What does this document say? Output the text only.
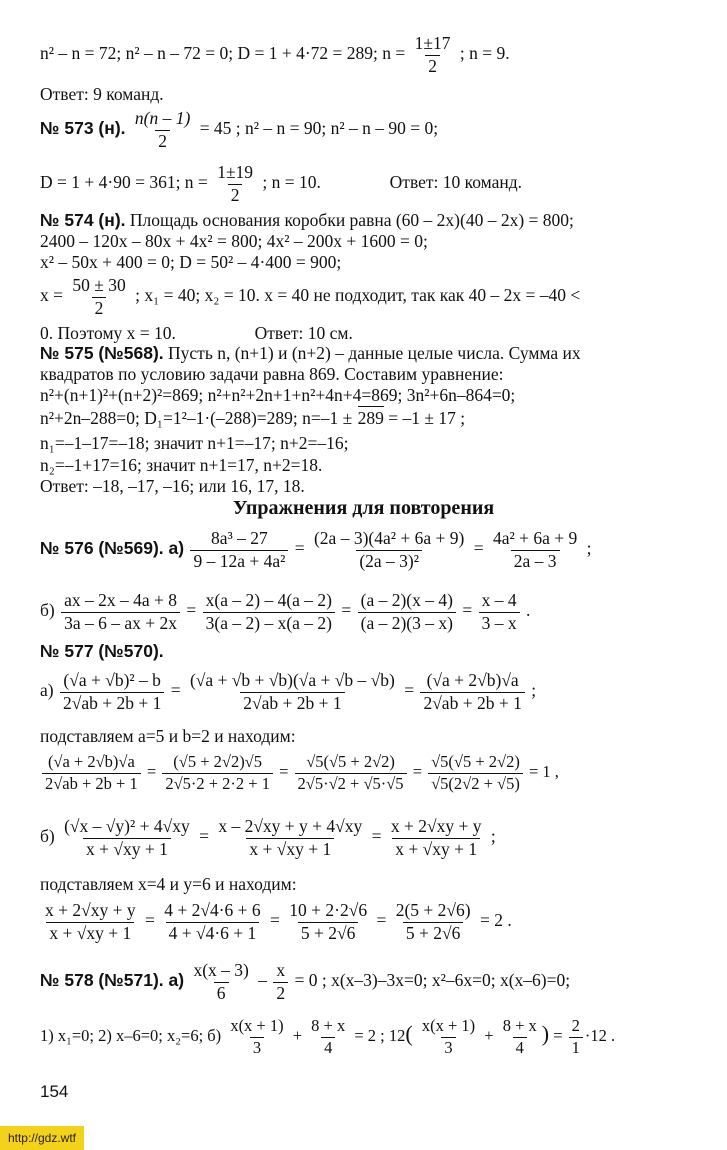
n² – n = 72; n² – n – 72 = 0; D = 1 + 4·72 = 289; $n = \frac{1\pm 17}{2}$ ; n = 9.
Ответ: 9 команд.
№ 573 (н). $\frac{n(n - 1)}{2} = 45$ ; n² – n = 90; n² – n – 90 = 0;
D = 1 + 4·90 = 361; $n = \frac{1\pm 19}{2}$ ; n = 10.	Ответ: 10 команд.
№ 574 (н). Площадь основания коробки равна (60 – 2x)(40 – 2x) = 800;
2400 – 120x – 80x + 4x² = 800; 4x² – 200x + 1600 = 0;
x² – 50x + 400 = 0; D = 50² – 4·400 = 900;
$x = \frac{50 \pm 30}{2}$ ; x₁ = 40; x₂ = 10. x = 40 не подходит, так как 40 – 2x = –40 <
0. Поэтому x = 10.	Ответ: 10 см.
№ 575 (№568). Пусть n, (n+1) и (n+2) – данные целые числа. Сумма их
квадратов по условию задачи равна 869. Составим уравнение:
n²+(n+1)²+(n+2)²=869; n²+n²+2n+1+n²+4n+4=869; 3n²+6n–864=0;
n²+2n–288=0; D₁=1²–1·(–288)=289; n=–1 ± 289 = –1 ± 17 ;
n₁=–1–17=–18; значит n+1=–17; n+2=–16;
n₂=–1+17=16; значит n+1=17, n+2=18.
Ответ: –18, –17, –16; или 16, 17, 18.
Упражнения для повторения
№ 576 (№569). $а) \frac{\text{8a³ – 27}}{\text{9 – 12a + 4a²}} = \frac{\text{(2a – 3)(4a² + 6a + 9)}}{\text{(2a – 3)²}} = \frac{\text{4a² + 6a + 9}}{2a - 3}$ ;
$б) \frac{ax - 2x - 4a + 8}{3a - 6 - ax + 2x} = \frac{x(a - 2) - 4(a - 2)}{3(a - 2) - x(a - 2)} = \frac{(a - 2)(x - 4)}{(a - 2)(3 - x)} = \frac{x - 4}{3 - x}$ .
№ 577 (№570).
$а) \frac{\text{(√a + √b)² – b}}{2√ab + 2b + 1} = \frac{(√a + √b + √b)(√a + √b - √b)}{2√ab + 2b + 1} = \frac{(√a + 2√b)√a}{2√ab + 2b + 1}$ ;
подставляем a=5 и b=2 и находим:
$\frac{(√a + 2√b)√a}{2√ab + 2b + 1} = \frac{(√5 + 2√2)√5}{2√5\cdot 2 + 2\cdot 2 + 1} = \frac{√5(√5 + 2√2)}{2√5\cdot√2 + √5\cdot√5} = \frac{√5(√5 + 2√2)}{√5(2√2 + √5)} = 1$ ,
$б) \frac{\text{(√x – √y)² + 4√xy}}{x + √xy + 1} = \frac{x - 2√xy + y + 4√xy}{x + √xy + 1} = \frac{x + 2√xy + y}{x + √xy + 1}$ ;
подставляем x=4 и y=6 и находим:
$\frac{x + 2√xy + y}{x + √xy + 1} = \frac{4 + 2√4\cdot 6 + 6}{4 + √4\cdot 6 + 1} = \frac{10 + 2\cdot 2√6}{5 + 2√6} = \frac{2(5 + 2√6)}{5 + 2√6} = 2$ .
№ 578 (№571). $а) \frac{x(x - 3)}{6} - \frac{x}{2} = 0$ ; x(x–3)–3x=0; x²–6x=0; x(x–6)=0;
1) x₁=0; 2) x–6=0; x₂=6; $б) \frac{x(x + 1)}{3} + \frac{8 + x}{4} = 2$ ; $12( \frac{x(x + 1)}{3} + \frac{8 + x}{4}$ ) = $\frac{2}{1} \cdot 12$ .
154
http://gdz.wtf
